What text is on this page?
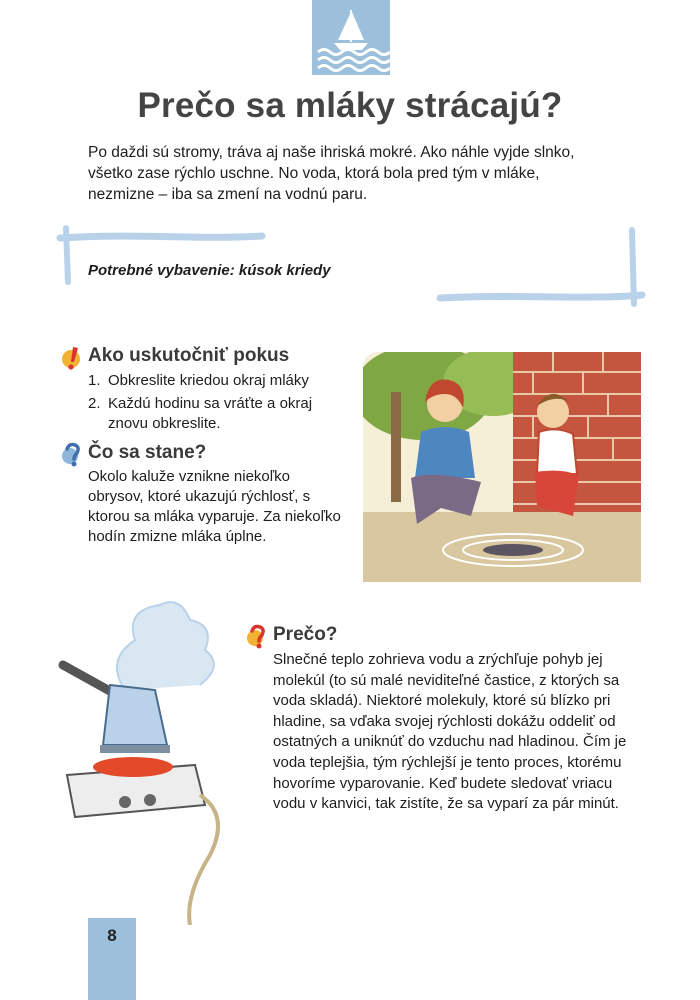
Prečo sa mláky strácajú?

Po daždi sú stromy, tráva aj naše ihriská mokré. Ako náhle vyjde slnko, všetko zase rýchlo uschne. No voda, ktorá bola pred tým v mláke, nezmizne – iba sa zmení na vodnú paru.

Potrebné vybavenie: kúsok kriedy
Ako uskutočniť pokus
1. Obkreslite kriedou okraj mláky
2. Každú hodinu sa vráťte a okraj znovu obkreslite.
Čo sa stane?

Okolo kaluže vznikne niekoľko obrysov, ktoré ukazujú rýchlosť, s ktorou sa mláka vyparuje. Za niekoľko hodín zmizne mláka úplne.

Prečo?

Slnečné teplo zohrieva vodu a zrýchľuje pohyb jej molekúl (to sú malé neviditeľné častice, z ktorých sa voda skladá). Niektoré molekuly, ktoré sú blízko pri hladine, sa vďaka svojej rýchlosti dokážu oddeliť od ostatných a uniknúť do vzduchu nad hladinou. Čím je voda teplejšia, tým rýchlejší je tento proces, ktorému hovoríme vyparovanie. Keď budete sledovať vriacu vodu v kanvici, tak zistíte, že sa vyparí za pár minút.

8
